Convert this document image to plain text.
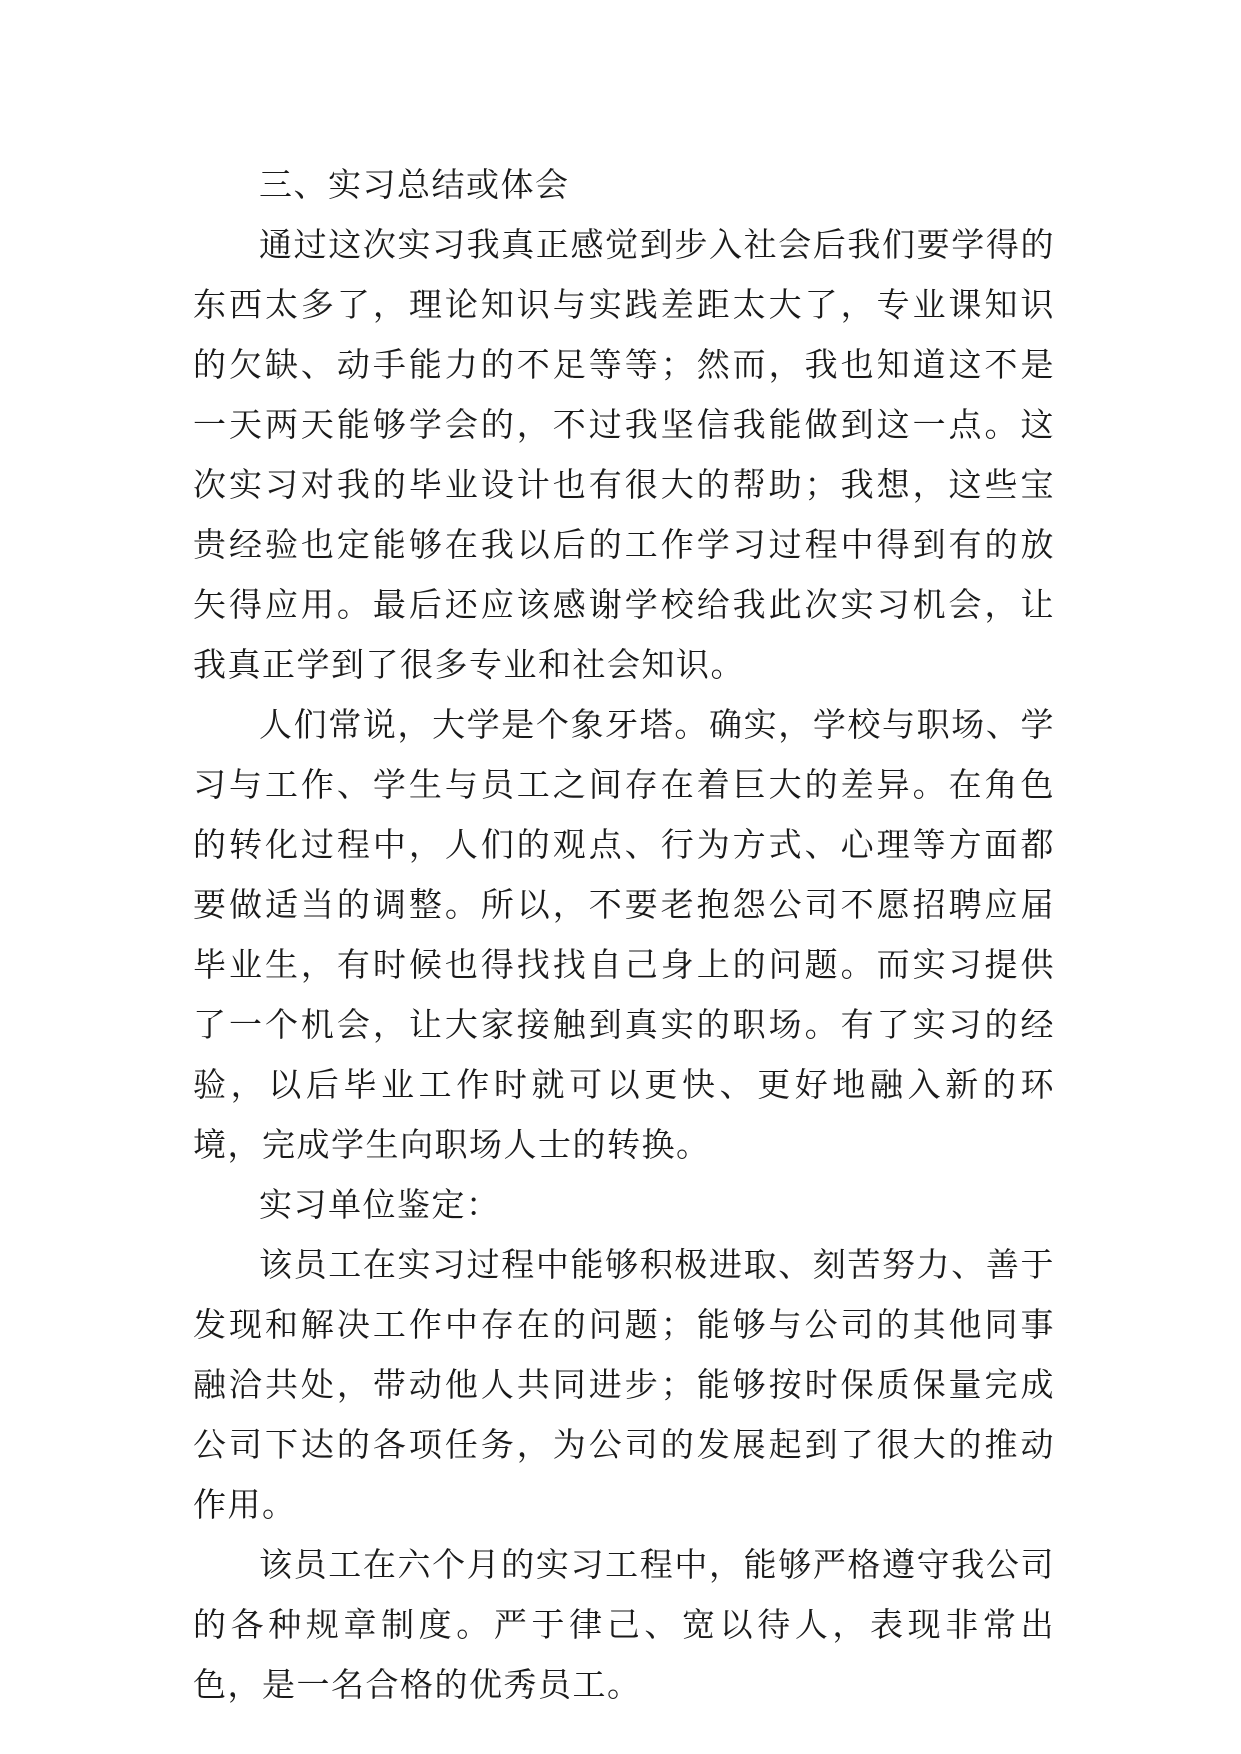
三、实习总结或体会

通过这次实习我真正感觉到步入社会后我们要学得的东西太多了，理论知识与实践差距太大了，专业课知识的欠缺、动手能力的不足等等；然而，我也知道这不是一天两天能够学会的，不过我坚信我能做到这一点。这次实习对我的毕业设计也有很大的帮助；我想，这些宝贵经验也定能够在我以后的工作学习过程中得到有的放矢得应用。最后还应该感谢学校给我此次实习机会，让我真正学到了很多专业和社会知识。

人们常说，大学是个象牙塔。确实，学校与职场、学习与工作、学生与员工之间存在着巨大的差异。在角色的转化过程中，人们的观点、行为方式、心理等方面都要做适当的调整。所以，不要老抱怨公司不愿招聘应届毕业生，有时候也得找找自己身上的问题。而实习提供了一个机会，让大家接触到真实的职场。有了实习的经验，以后毕业工作时就可以更快、更好地融入新的环境，完成学生向职场人士的转换。

实习单位鉴定：

该员工在实习过程中能够积极进取、刻苦努力、善于发现和解决工作中存在的问题；能够与公司的其他同事融洽共处，带动他人共同进步；能够按时保质保量完成公司下达的各项任务，为公司的发展起到了很大的推动作用。

该员工在六个月的实习工程中，能够严格遵守我公司的各种规章制度。严于律己、宽以待人，表现非常出色，是一名合格的优秀员工。
